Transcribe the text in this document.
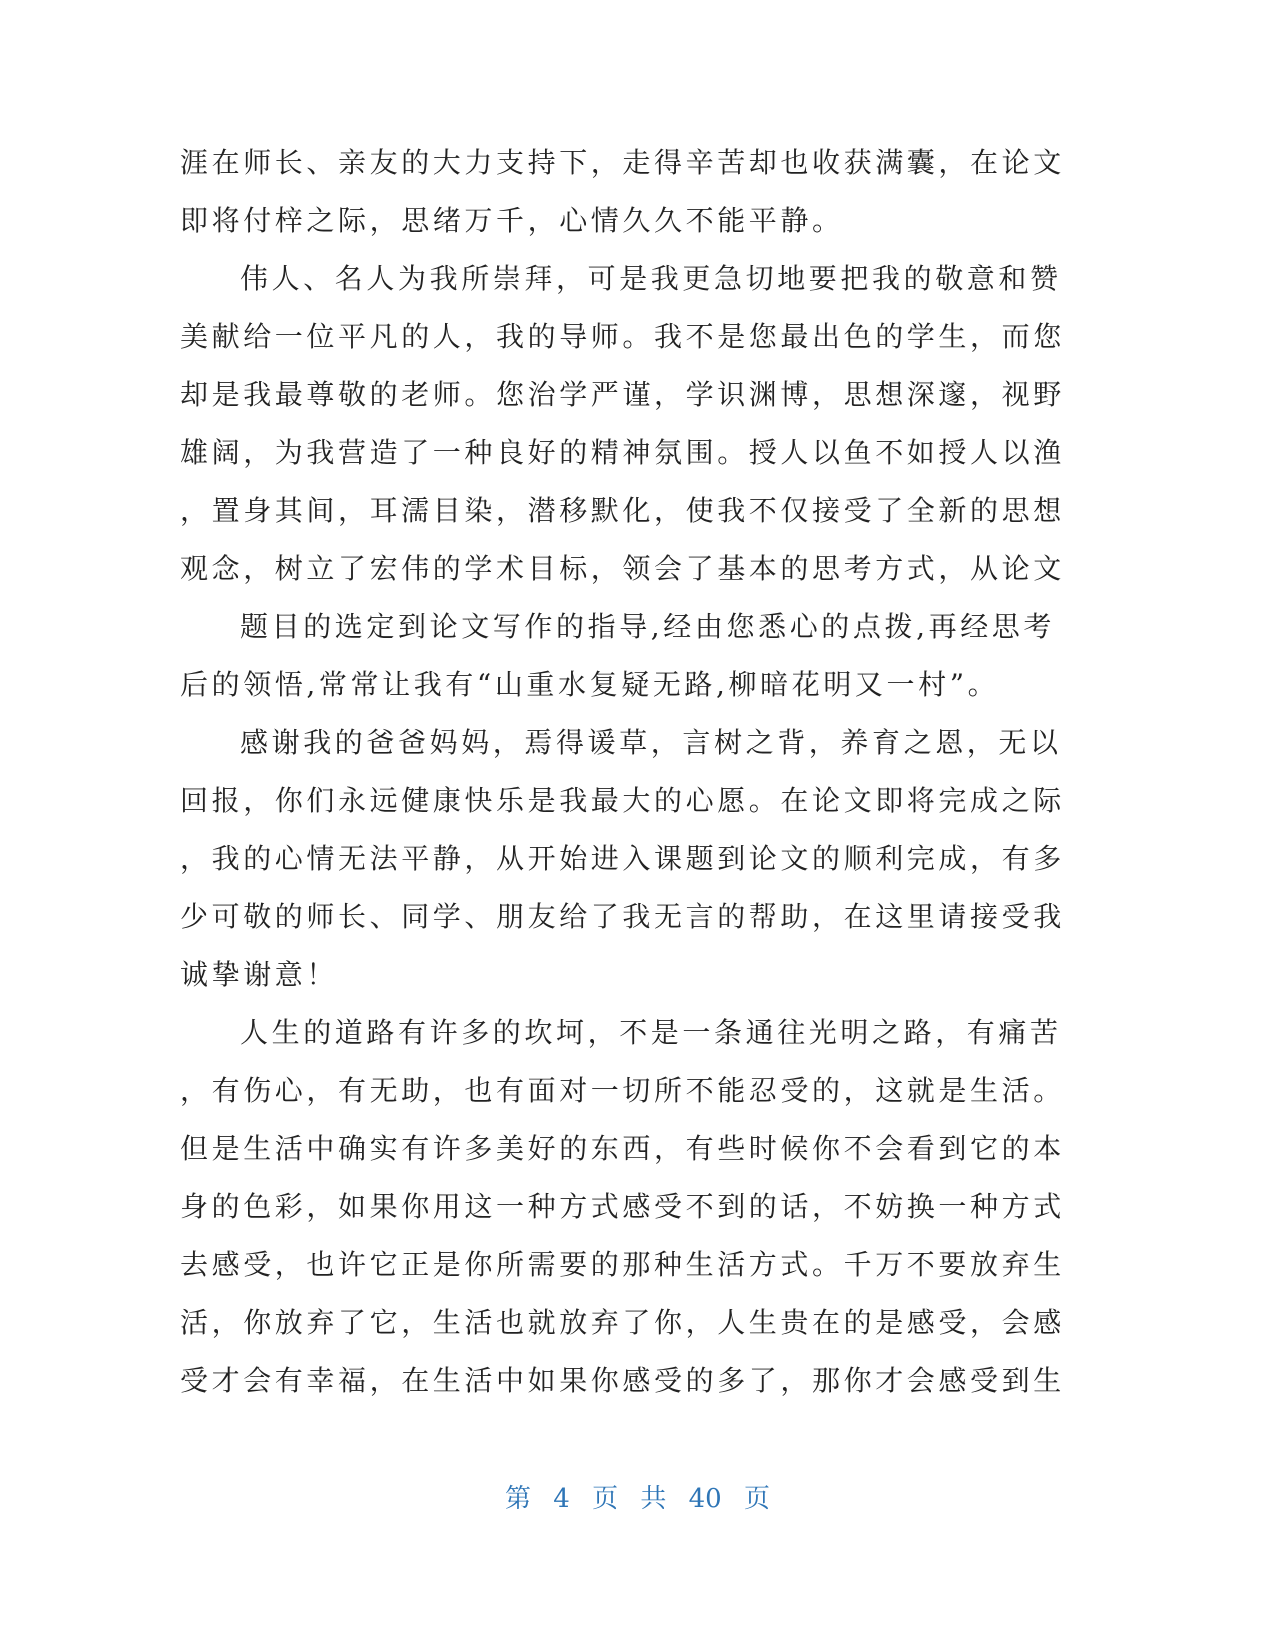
涯在师长、亲友的大力支持下，走得辛苦却也收获满囊，在论文
即将付梓之际，思绪万千，心情久久不能平静。
伟人、名人为我所崇拜，可是我更急切地要把我的敬意和赞
美献给一位平凡的人，我的导师。我不是您最出色的学生，而您
却是我最尊敬的老师。您治学严谨，学识渊博，思想深邃，视野
雄阔，为我营造了一种良好的精神氛围。授人以鱼不如授人以渔
，置身其间，耳濡目染，潜移默化，使我不仅接受了全新的思想
观念，树立了宏伟的学术目标，领会了基本的思考方式，从论文
题目的选定到论文写作的指导,经由您悉心的点拨,再经思考
后的领悟,常常让我有“山重水复疑无路,柳暗花明又一村”。
感谢我的爸爸妈妈，焉得谖草，言树之背，养育之恩，无以
回报，你们永远健康快乐是我最大的心愿。在论文即将完成之际
，我的心情无法平静，从开始进入课题到论文的顺利完成，有多
少可敬的师长、同学、朋友给了我无言的帮助，在这里请接受我
诚挚谢意！
人生的道路有许多的坎坷，不是一条通往光明之路，有痛苦
，有伤心，有无助，也有面对一切所不能忍受的，这就是生活。
但是生活中确实有许多美好的东西，有些时候你不会看到它的本
身的色彩，如果你用这一种方式感受不到的话，不妨换一种方式
去感受，也许它正是你所需要的那种生活方式。千万不要放弃生
活，你放弃了它，生活也就放弃了你，人生贵在的是感受，会感
受才会有幸福，在生活中如果你感受的多了，那你才会感受到生
第 4 页 共 40 页
